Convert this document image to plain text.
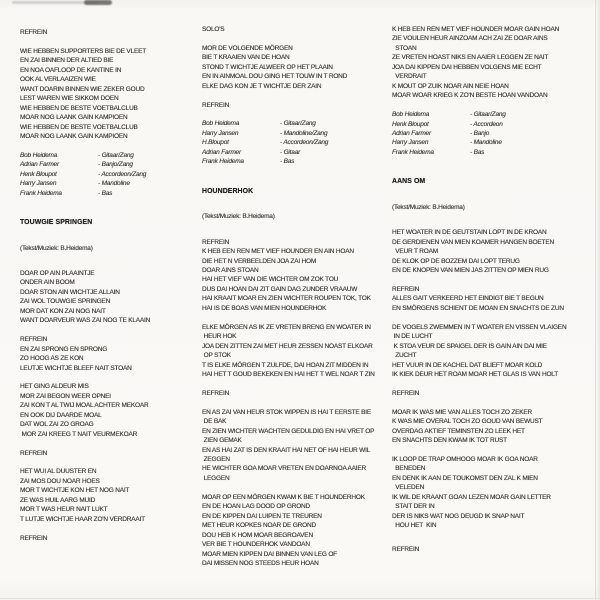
REFREIN
WIE HEBBEN SUPPORTERS BIE DE VLEET
EN ZAI BINNEN DER ALTIED BIE
EN NOA OAFLOOP DE KANTINE IN
OOK AL VERLAAIZEN WIE
WANT DOARIN BINNEN WIE ZEKER GOUD
LEST WAREN WIE SIKKOM DOEN
WIE HEBBEN DE BESTE VOETBALCLUB
MOAR NOG LAANK GAIN KAMPIOEN
WIE HEBBEN DE BESTE VOETBALCLUB
MOAR NOG LAANK GAIN KAMPIOEN
Bob Heidema	- Gitaar/Zang
Adrian Farmer	- Banjo/Zang
Henk Bloupot	- Accordeon/Zang
Harry Jansen	- Mandoline
Frank Heidema	- Bas
TOUWGIE SPRINGEN
(Tekst/Muziek: B.Heidema)
DOAR OP AIN PLAAINTJE
ONDER AIN BOOM
DOAR STON AIN WICHTJE ALLAIN
ZAI WOL TOUWGIE SPRINGEN
MOR DAT KON ZAI NOG NAIT
WANT DOARVEUR WAS ZAI NOG TE KLAAIN
REFREIN
EN ZAI SPRONG EN SPRONG
ZO HOOG AS ZE KON
LEUTJE WICHTJE BLEEF NAIT STOAN
HET GING ALDEUR MIS
MOR ZAI BEGON WEER OPNEI
ZAI KON T AL TWIJ MOAL ACHTER MEKOAR
EN OOK DIJ DAARDE MOAL
DAT WOL ZAI ZO GROAG
MOR ZAI KREEG T NAIT VEURMEKOAR
REFREIN
HET WUI AL DUUSTER EN
ZAI MOS DOU NOAR HOES
MOR T WICHTJE KON HET NOG NAIT
ZE WAS HUIL AARG MUID
MOR T WAS HEUR NAIT LUKT
T LUTJE WICHTJE HAAR ZO'N VERDRAAIT
REFREIN
SOLO'S
MOR DE VOLGENDE MÖRGEN
BIE T KRAAIEN VAN DE HOAN
STOND T WICHTJE ALWEER OP HET PLAAIN
EN IN AINMOAL DOU GING HET TOUW IN T ROND
ELKE DAG KON JE T WICHTJE DER ZAIN
REFREIN
Bob Heidema	- Gitaar/Zang
Harry Jansen	- Mandoline/Zang
H.Bloupot	- Accordeon/Zang
Adrian Farmer	- Gitaar
Frank Heidema	- Bas
HOUNDERHOK
(Tekst/Muziek: B.Heidema)
REFREIN
K HEB EEN REN MET VIEF HOUNDER EN AIN HOAN
DIE HET N VERBEELDEN JOA ZAI HOM
DOAR AINS STOAN
HAI HET VIEF VAN DIE WICHTER OM ZOK TOU
DUS DAI HOAN DAI ZIT GAIN DAG ZUNDER VRAAUW
HAI KRAAIT MOAR EN ZIEN WICHTER ROUPEN TOK, TOK
HAI IS DE BOAS VAN MIEN HOUNDERHOK
ELKE MÖRGEN AS IK ZE VRETEN BRENG EN WOATER IN
HEUR HOK
JOA DEN ZITTEN ZAI MET HEUR ZESSEN NOAST ELKOAR
OP STOK
T IS ELKE MÖRGEN T ZULFDE, DAI HOAN ZIT MIDDEN IN
HAI HET T GOUD BEKEKEN EN HAI HET T WEL NOAR T ZIN
REFREIN
EN AS ZAI VAN HEUR STOK WIPPEN IS HAI T EERSTE BIE
DE BAK
EN ZIEN WICHTER WACHTEN GEDULDIG EN HAI VRET OP
ZIEN GEMAK
EN AS HAI ZAT IS DEN KRAAIT HAI NET OF HAI HEUR WIL
ZEGGEN
HE WICHTER GOA MOAR VRETEN EN DOARNOA AAIER
LEGGEN
MOAR OP EEN MÖRGEN KWAM K BIE T HOUNDERHOK
EN DE HOAN LAG DOOD OP GROND
EN DE KIPPEN DAI LUIPEN TE TREUREN
MET HEUR KOPKES NOAR DE GROND
DOU HEB K HOM MOAR BEGROAVEN
VER BIE T HOUNDERHOK VANDOAN
MOAR MIEN KIPPEN DAI BINNEN VAN LEG OF
DAI MISSEN NOG STEEDS HEUR HOAN
K HEB EEN REN MET VIEF HOUNDER MOAR GAIN HOAN
ZIE VOULEN HEUR AINZOAM ACH ZAI ZE DOAR AINS
STOAN
ZE VRETEN HOAST NIKS EN AAIER LEGGEN ZE NAIT
JOA DAI KIPPEN DAI HEBBEN VOLGENS MIE ECHT
VERDRAIT
K MOUT OP ZUIK NOAR AIN NEIE HOAN
MOAR WOAR KRIEG K ZO'N BESTE HOAN VANDOAN
Bob Heidema	- Gitaar/Zang
Henk Bloupot	- Accordeon
Adrian Farmer	- Banjo
Harry Jansen	- Mandoline
Frank Heidema	- Bas
AANS OM
(Tekst/Muziek: B.Heidema)
HET WOATER IN DE GEUTSTAIN LOPT IN DE KROAN
DE GERDIENEN VAN MIEN KOAMER HANGEN BOETEN
VEUR T ROAM
DE KLOK OP DE BOZZEM DAI LOPT TERUG
EN DE KNOPEN VAN MIEN JAS ZITTEN OP MIEN RUG
REFREIN
ALLES GAIT VERKEERD HET EINDIGT BIE T BEGUN
EN SMÖRGENS SCHIENT DE MOAN EN SNACHTS DE ZUN
DE VOGELS ZWEMMEN IN T WOATER EN VISSEN VLAIGEN
IN DE LUCHT
K STOA VEUR DE SPAIGEL DER IS GAIN AIN DAI MIE
ZUCHT
HET VUUR IN DE KACHEL DAT BLIEFT MOAR KOLD
IK KIEK DEUR HET ROAM MOAR HET GLAS IS VAN HOLT
REFREIN
MOAR IK WAS MIE VAN ALLES TOCH ZO ZEKER
K WAS MIE OVERAL TOCH ZO GOUD VAN BEWUST
OVERDAG AKTIEF TEMINSTEN ZO LEEK HET
EN SNACHTS DEN KWAM IK TOT RUST
IK LOOP DE TRAP OMHOOG MOAR IK GOA NOAR
BENEDEN
EN DENK IK AAN DE TOUKOMST DEN ZAL K MIEN
VELEDEN
IK WIL DE KRAANT GOAN LEZEN MOAR GAIN LETTER
STAIT DER IN
DER IS NIKS WAT NOG DEUGD IK SNAP NAIT
HOU HET  KIN
REFREIN
